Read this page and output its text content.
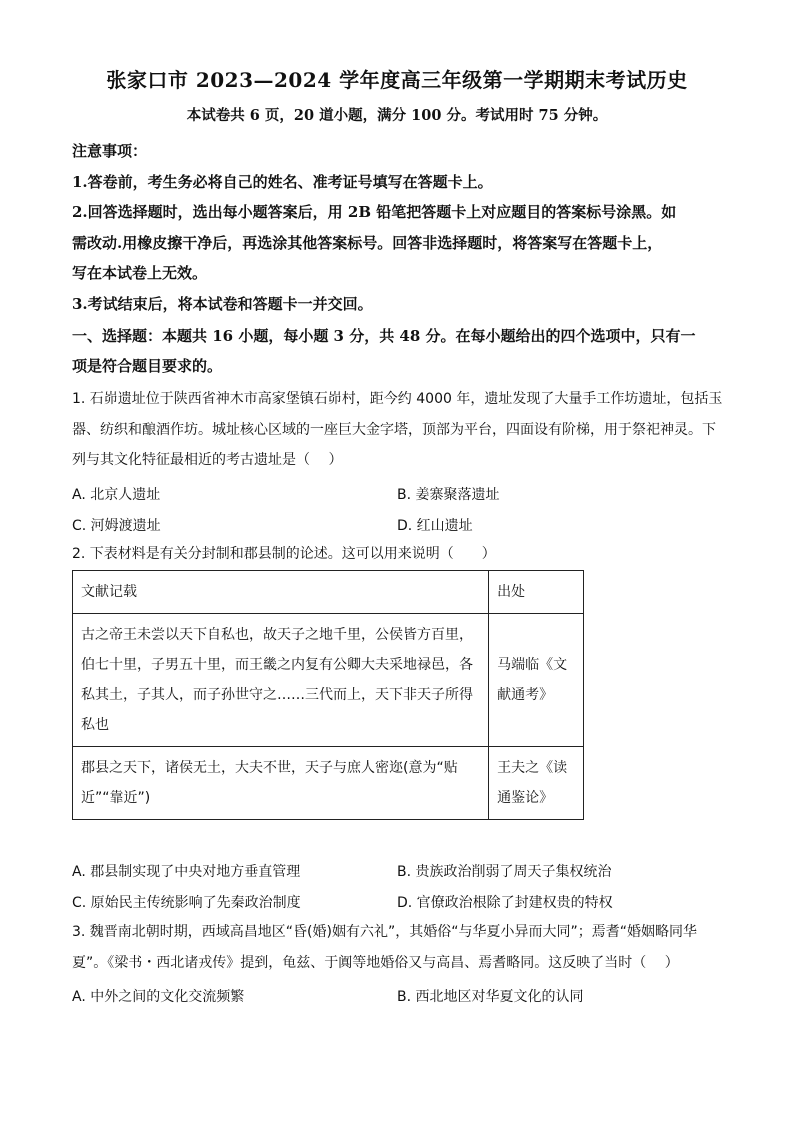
张家口市 2023—2024 学年度高三年级第一学期期末考试历史
本试卷共 6 页，20 道小题，满分 100 分。考试用时 75 分钟。
注意事项：
1.答卷前，考生务必将自己的姓名、准考证号填写在答题卡上。
2.回答选择题时，选出每小题答案后，用 2B 铅笔把答题卡上对应题目的答案标号涂黑。如
需改动.用橡皮擦干净后，再选涂其他答案标号。回答非选择题时，将答案写在答题卡上，
写在本试卷上无效。
3.考试结束后，将本试卷和答题卡一并交回。
一、选择题：本题共 16 小题，每小题 3 分，共 48 分。在每小题给出的四个选项中，只有一
项是符合题目要求的。
1. 石峁遗址位于陕西省神木市高家堡镇石峁村，距今约 4000 年，遗址发现了大量手工作坊遗址，包括玉
器、纺织和酿酒作坊。城址核心区域的一座巨大金字塔，顶部为平台，四面设有阶梯，用于祭祀神灵。下
列与其文化特征最相近的考古遗址是（　 ）
A. 北京人遗址	B. 姜寨聚落遗址
C. 河姆渡遗址	D. 红山遗址
2. 下表材料是有关分封制和郡县制的论述。这可以用来说明（　　）
文献记载	出处
古之帝王未尝以天下自私也，故天子之地千里，公侯皆方百里，伯七十里，子男五十里，而王畿之内复有公卿大夫采地禄邑，各私其土，子其人，而子孙世守之……三代而上，天下非天子所得私也	马端临《文献通考》
郡县之天下，诸侯无土，大夫不世，天子与庶人密迩(意为“贴近”“靠近”)	王夫之《读通鉴论》
A. 郡县制实现了中央对地方垂直管理	B. 贵族政治削弱了周天子集权统治
C. 原始民主传统影响了先秦政治制度	D. 官僚政治根除了封建权贵的特权
3. 魏晋南北朝时期，西域高昌地区“昏(婚)姻有六礼”，其婚俗“与华夏小异而大同”；焉耆“婚姻略同华
夏”。《梁书・西北诸戎传》提到，龟兹、于阗等地婚俗又与高昌、焉耆略同。这反映了当时（　 ）
A. 中外之间的文化交流频繁	B. 西北地区对华夏文化的认同
